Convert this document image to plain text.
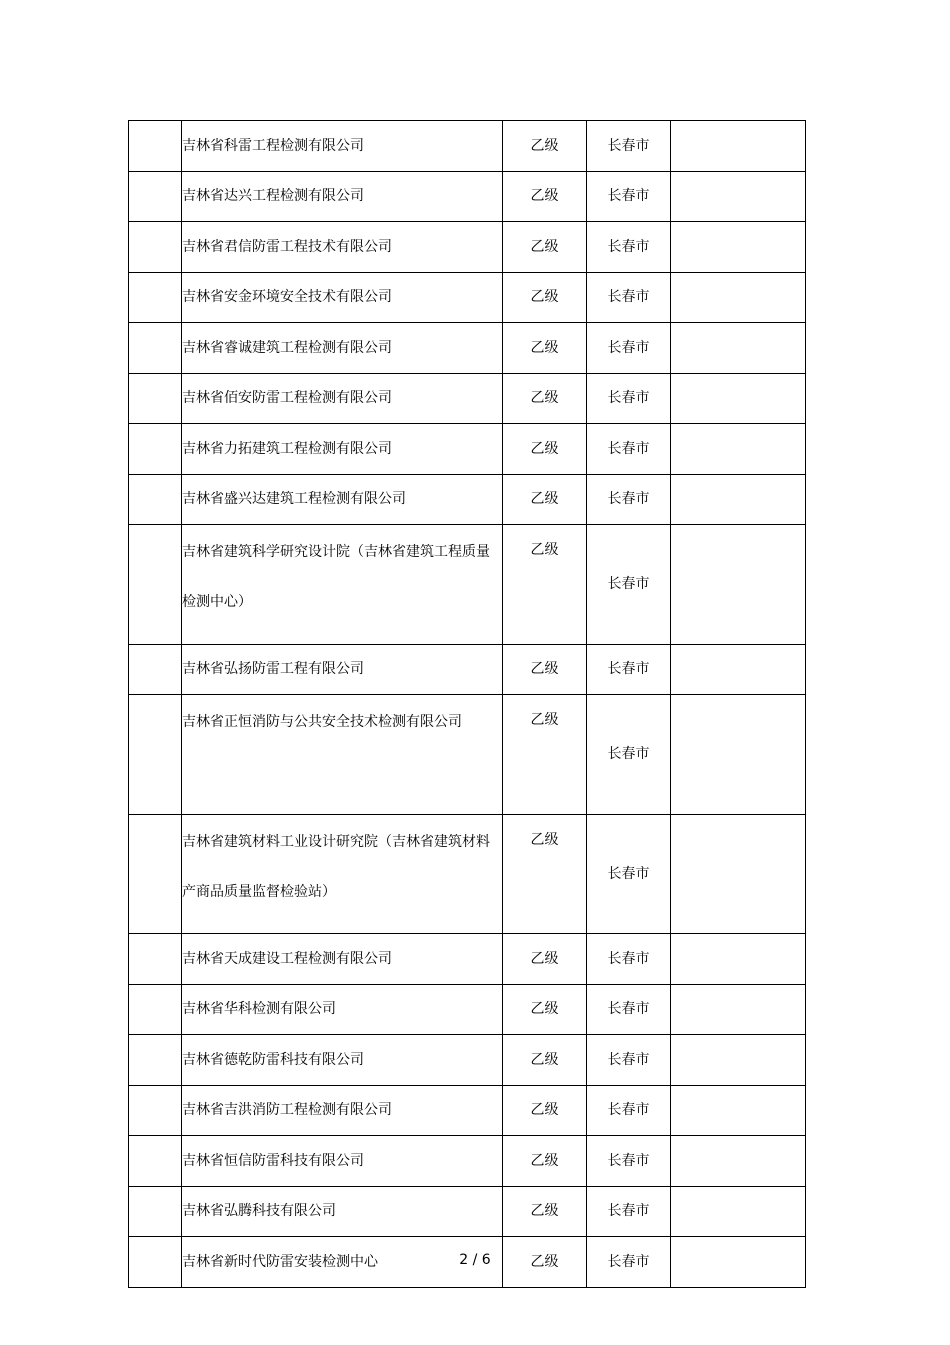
	吉林省科雷工程检测有限公司	乙级	长春市	
	吉林省达兴工程检测有限公司	乙级	长春市	
	吉林省君信防雷工程技术有限公司	乙级	长春市	
	吉林省安金环境安全技术有限公司	乙级	长春市	
	吉林省睿诚建筑工程检测有限公司	乙级	长春市	
	吉林省佰安防雷工程检测有限公司	乙级	长春市	
	吉林省力拓建筑工程检测有限公司	乙级	长春市	
	吉林省盛兴达建筑工程检测有限公司	乙级	长春市	

	吉林省建筑科学研究设计院（吉林省建筑工程质量检测中心）	乙级	长春市	
	吉林省弘扬防雷工程有限公司	乙级	长春市	

	吉林省正恒消防与公共安全技术检测有限公司	乙级	长春市	

	吉林省建筑材料工业设计研究院（吉林省建筑材料产商品质量监督检验站）	乙级	长春市	
	吉林省天成建设工程检测有限公司	乙级	长春市	
	吉林省华科检测有限公司	乙级	长春市	
	吉林省德乾防雷科技有限公司	乙级	长春市	
	吉林省吉洪消防工程检测有限公司	乙级	长春市	
	吉林省恒信防雷科技有限公司	乙级	长春市	
	吉林省弘腾科技有限公司	乙级	长春市	
	吉林省新时代防雷安装检测中心	乙级	长春市	
2 / 6
